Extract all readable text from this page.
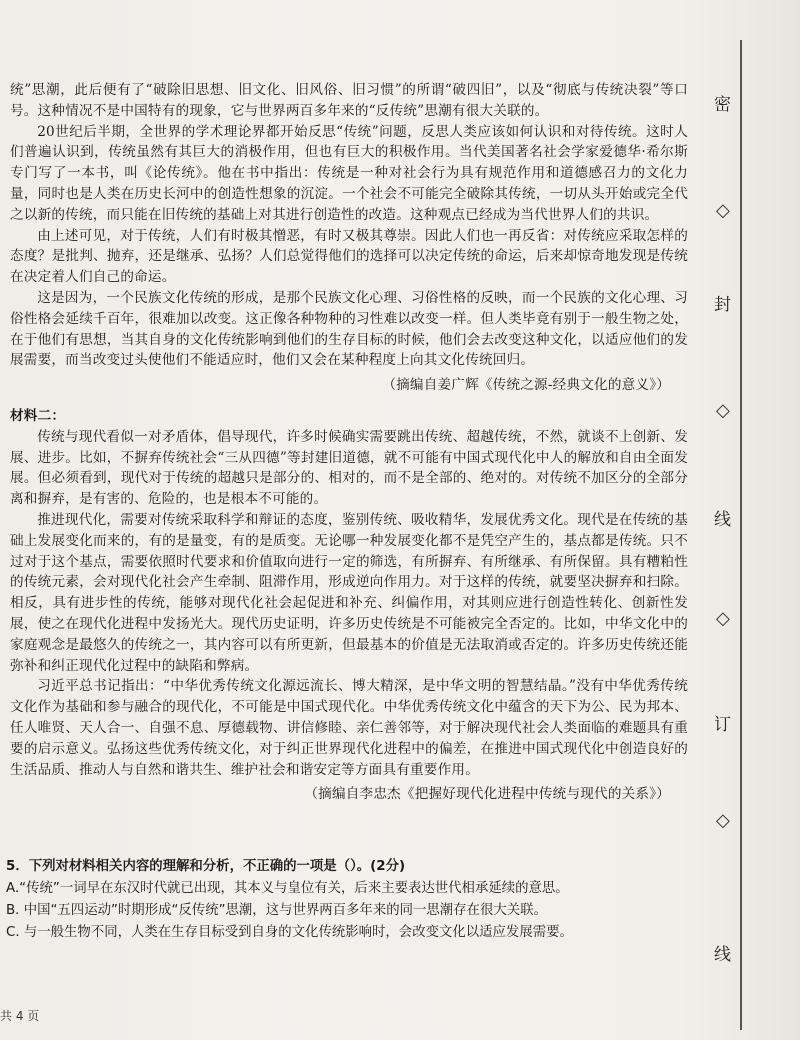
统”思潮，此后便有了“破除旧思想、旧文化、旧风俗、旧习惯”的所谓“破四旧”，以及“彻底与传统决裂”等口号。这种情况不是中国特有的现象，它与世界两百多年来的“反传统”思潮有很大关联的。

20世纪后半期，全世界的学术理论界都开始反思“传统”问题，反思人类应该如何认识和对待传统。这时人们普遍认识到，传统虽然有其巨大的消极作用，但也有巨大的积极作用。当代美国著名社会学家爱德华·希尔斯专门写了一本书，叫《论传统》。他在书中指出：传统是一种对社会行为具有规范作用和道德感召力的文化力量，同时也是人类在历史长河中的创造性想象的沉淀。一个社会不可能完全破除其传统，一切从头开始或完全代之以新的传统，而只能在旧传统的基础上对其进行创造性的改造。这种观点已经成为当代世界人们的共识。

由上述可见，对于传统，人们有时极其憎恶，有时又极其尊崇。因此人们也一再反省：对传统应采取怎样的态度？是批判、抛弃，还是继承、弘扬？人们总觉得他们的选择可以决定传统的命运，后来却惊奇地发现是传统在决定着人们自己的命运。

这是因为，一个民族文化传统的形成，是那个民族文化心理、习俗性格的反映，而一个民族的文化心理、习俗性格会延续千百年，很难加以改变。这正像各种物种的习性难以改变一样。但人类毕竟有别于一般生物之处，在于他们有思想，当其自身的文化传统影响到他们的生存目标的时候，他们会去改变这种文化，以适应他们的发展需要，而当改变过头使他们不能适应时，他们又会在某种程度上向其文化传统回归。

（摘编自姜广辉《传统之源-经典文化的意义》）

材料二：

传统与现代看似一对矛盾体，倡导现代，许多时候确实需要跳出传统、超越传统，不然，就谈不上创新、发展、进步。比如，不摒弃传统社会“三从四德”等封建旧道德，就不可能有中国式现代化中人的解放和自由全面发展。但必须看到，现代对于传统的超越只是部分的、相对的，而不是全部的、绝对的。对传统不加区分的全部分离和摒弃，是有害的、危险的，也是根本不可能的。

推进现代化，需要对传统采取科学和辩证的态度，鉴别传统、吸收精华，发展优秀文化。现代是在传统的基础上发展变化而来的，有的是量变，有的是质变。无论哪一种发展变化都不是凭空产生的，基点都是传统。只不过对于这个基点，需要依照时代要求和价值取向进行一定的筛选，有所摒弃、有所继承、有所保留。具有糟粕性的传统元素，会对现代化社会产生牵制、阻滞作用，形成逆向作用力。对于这样的传统，就要坚决摒弃和扫除。相反，具有进步性的传统，能够对现代化社会起促进和补充、纠偏作用，对其则应进行创造性转化、创新性发展，使之在现代化进程中发扬光大。现代历史证明，许多历史传统是不可能被完全否定的。比如，中华文化中的家庭观念是最悠久的传统之一，其内容可以有所更新，但最基本的价值是无法取消或否定的。许多历史传统还能弥补和纠正现代化过程中的缺陷和弊病。

习近平总书记指出：“中华优秀传统文化源远流长、博大精深，是中华文明的智慧结晶。”没有中华优秀传统文化作为基础和参与融合的现代化，不可能是中国式现代化。中华优秀传统文化中蕴含的天下为公、民为邦本、任人唯贤、天人合一、自强不息、厚德载物、讲信修睦、亲仁善邻等，对于解决现代社会人类面临的难题具有重要的启示意义。弘扬这些优秀传统文化，对于纠正世界现代化进程中的偏差，在推进中国式现代化中创造良好的生活品质、推动人与自然和谐共生、维护社会和谐安定等方面具有重要作用。

（摘编自李忠杰《把握好现代化进程中传统与现代的关系》）

5．下列对材料相关内容的理解和分析，不正确的一项是（）。(2分)

A.“传统”一词早在东汉时代就已出现，其本义与皇位有关，后来主要表达世代相承延续的意思。

B. 中国“五四运动”时期形成“反传统”思潮，这与世界两百多年来的同一思潮存在很大关联。

C. 与一般生物不同，人类在生存目标受到自身的文化传统影响时，会改变文化以适应发展需要。

共 4 页
密
◇
封
◇
线
◇
订
◇
线
